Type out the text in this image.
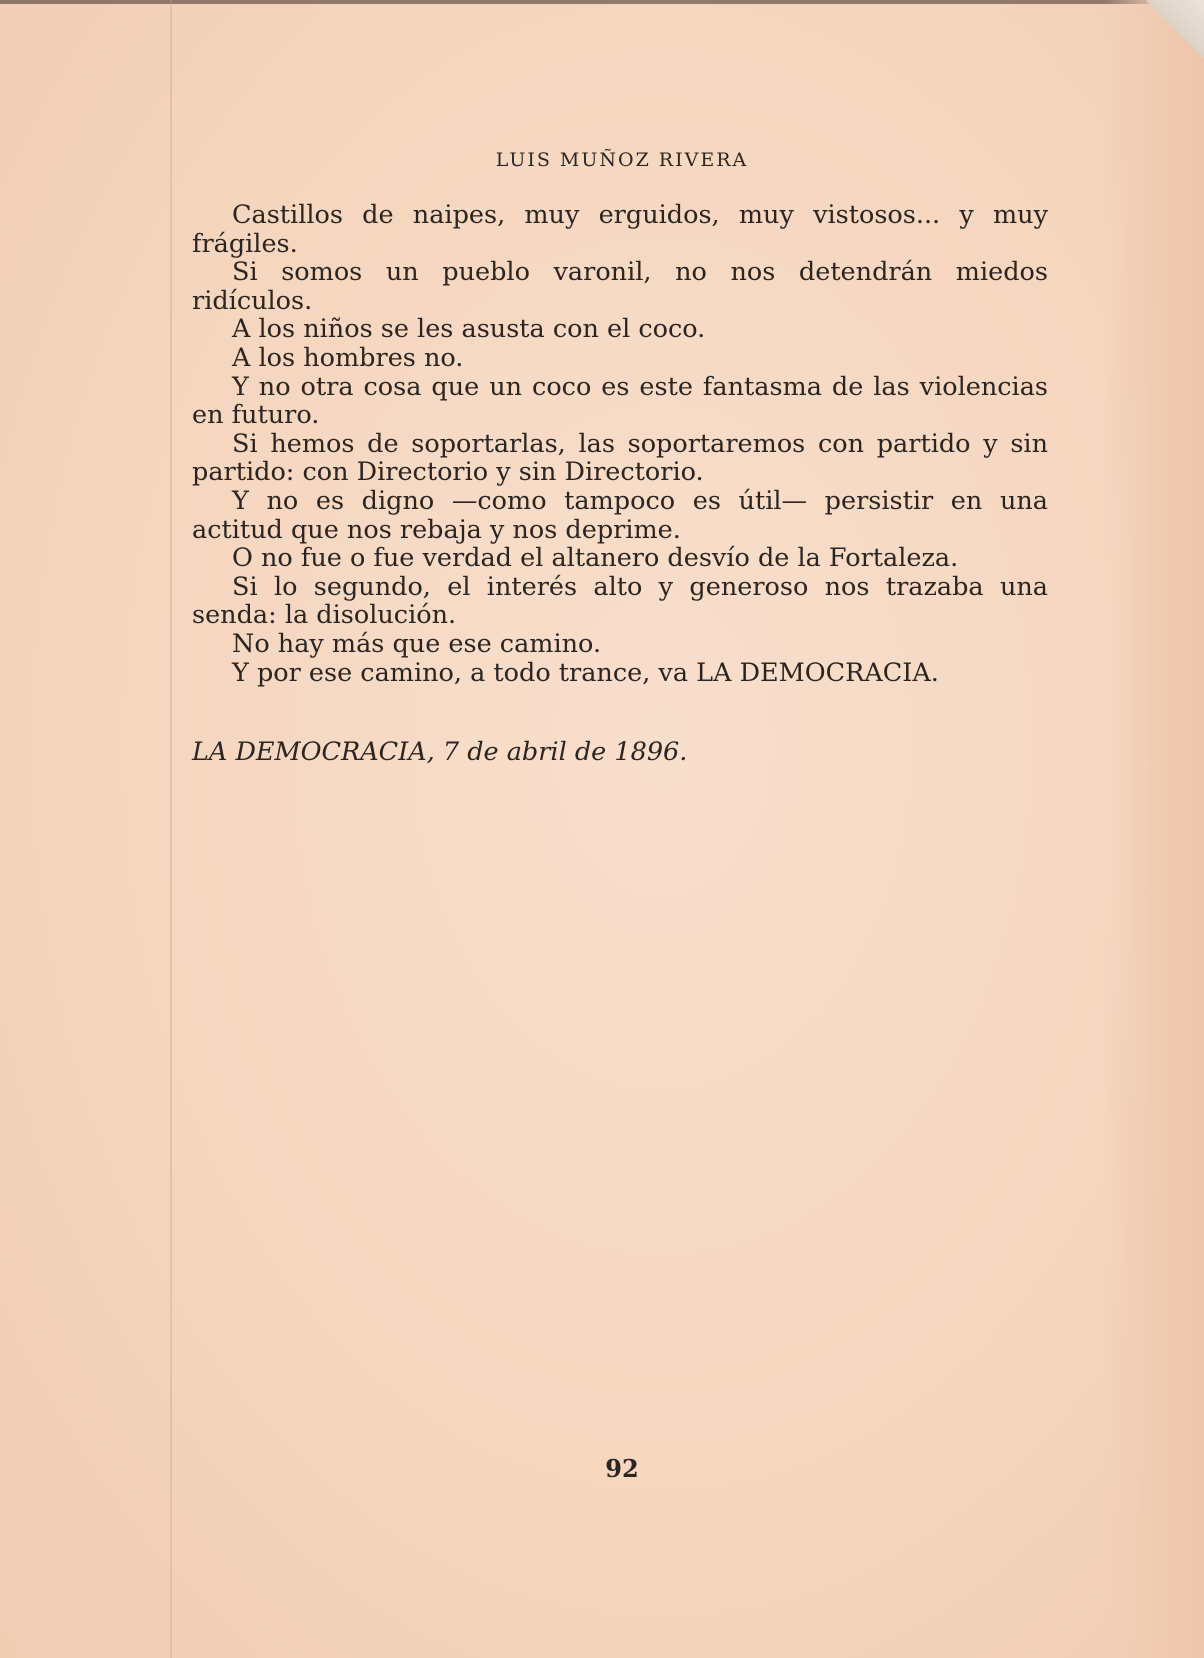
LUIS MUÑOZ RIVERA

Castillos de naipes, muy erguidos, muy vistosos... y muy frágiles.

Si somos un pueblo varonil, no nos detendrán miedos ridículos.

A los niños se les asusta con el coco.

A los hombres no.

Y no otra cosa que un coco es este fantasma de las violencias en futuro.

Si hemos de soportarlas, las soportaremos con partido y sin partido: con Directorio y sin Directorio.

Y no es digno —como tampoco es útil— persistir en una actitud que nos rebaja y nos deprime.

O no fue o fue verdad el altanero desvío de la Fortaleza.

Si lo segundo, el interés alto y generoso nos trazaba una senda: la disolución.

No hay más que ese camino.

Y por ese camino, a todo trance, va LA DEMOCRACIA.

LA DEMOCRACIA, 7 de abril de 1896.
92
